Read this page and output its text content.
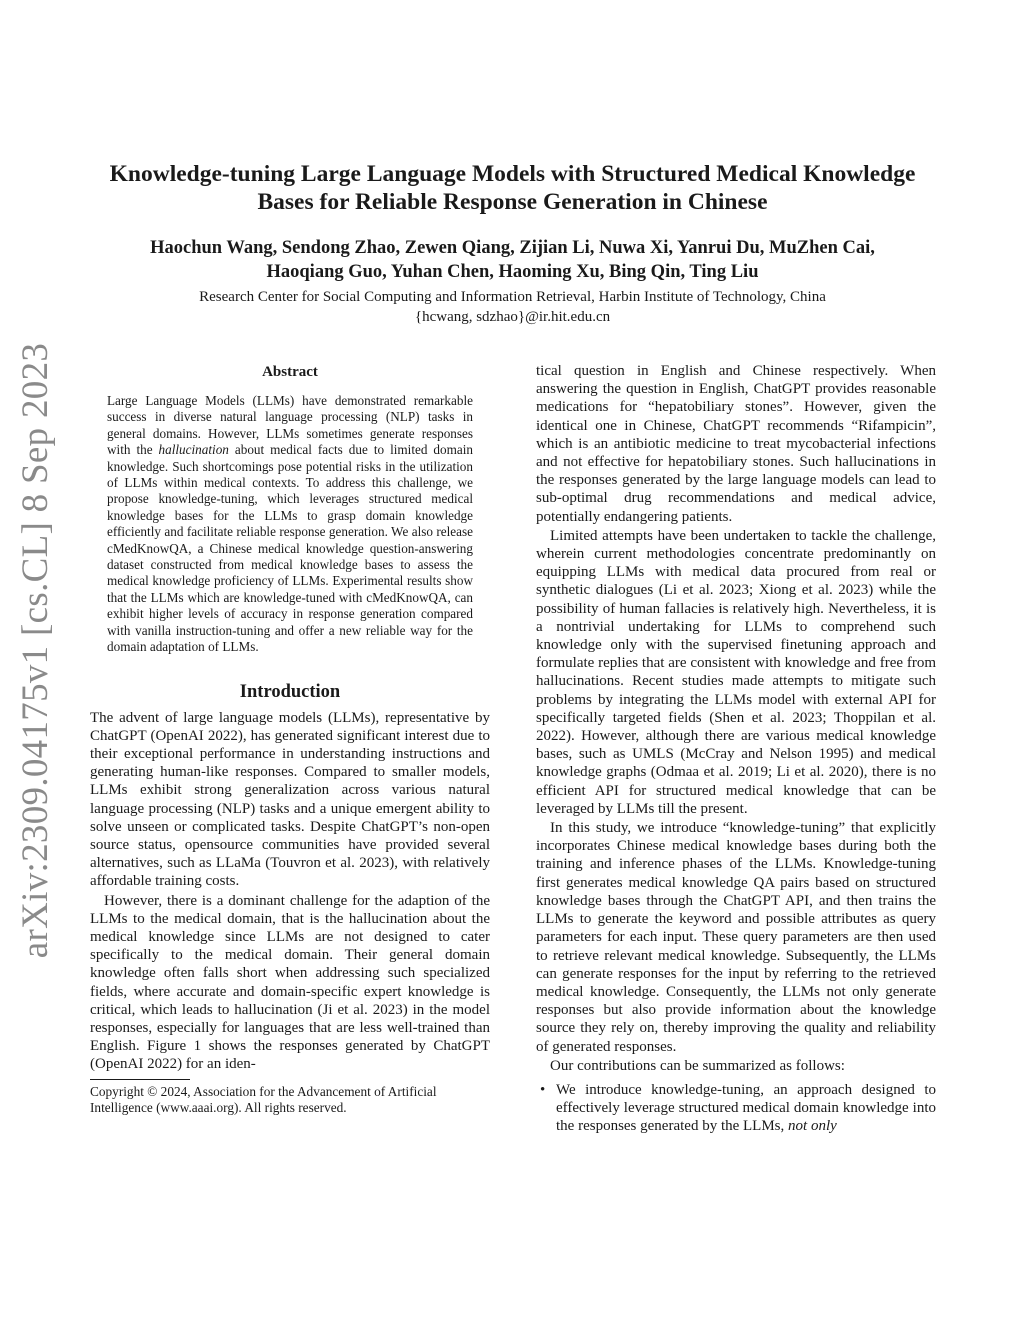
arXiv:2309.04175v1 [cs.CL] 8 Sep 2023
Knowledge-tuning Large Language Models with Structured Medical Knowledge Bases for Reliable Response Generation in Chinese
Haochun Wang, Sendong Zhao, Zewen Qiang, Zijian Li, Nuwa Xi, Yanrui Du, MuZhen Cai,
Haoqiang Guo, Yuhan Chen, Haoming Xu, Bing Qin, Ting Liu
Research Center for Social Computing and Information Retrieval, Harbin Institute of Technology, China
{hcwang, sdzhao}@ir.hit.edu.cn
Abstract

Large Language Models (LLMs) have demonstrated remarkable success in diverse natural language processing (NLP) tasks in general domains. However, LLMs sometimes generate responses with the hallucination about medical facts due to limited domain knowledge. Such shortcomings pose potential risks in the utilization of LLMs within medical contexts. To address this challenge, we propose knowledge-tuning, which leverages structured medical knowledge bases for the LLMs to grasp domain knowledge efficiently and facilitate reliable response generation. We also release cMedKnowQA, a Chinese medical knowledge question-answering dataset constructed from medical knowledge bases to assess the medical knowledge proficiency of LLMs. Experimental results show that the LLMs which are knowledge-tuned with cMedKnowQA, can exhibit higher levels of accuracy in response generation compared with vanilla instruction-tuning and offer a new reliable way for the domain adaptation of LLMs.

Introduction

The advent of large language models (LLMs), representative by ChatGPT (OpenAI 2022), has generated significant interest due to their exceptional performance in understanding instructions and generating human-like responses. Compared to smaller models, LLMs exhibit strong generalization across various natural language processing (NLP) tasks and a unique emergent ability to solve unseen or complicated tasks. Despite ChatGPT’s non-open source status, opensource communities have provided several alternatives, such as LLaMa (Touvron et al. 2023), with relatively affordable training costs.

However, there is a dominant challenge for the adaption of the LLMs to the medical domain, that is the hallucination about the medical knowledge since LLMs are not designed to cater specifically to the medical domain. Their general domain knowledge often falls short when addressing such specialized fields, where accurate and domain-specific expert knowledge is critical, which leads to hallucination (Ji et al. 2023) in the model responses, especially for languages that are less well-trained than English. Figure 1 shows the responses generated by ChatGPT (OpenAI 2022) for an iden-

Copyright © 2024, Association for the Advancement of Artificial
Intelligence (www.aaai.org). All rights reserved.

tical question in English and Chinese respectively. When answering the question in English, ChatGPT provides reasonable medications for “hepatobiliary stones”. However, given the identical one in Chinese, ChatGPT recommends “Rifampicin”, which is an antibiotic medicine to treat mycobacterial infections and not effective for hepatobiliary stones. Such hallucinations in the responses generated by the large language models can lead to sub-optimal drug recommendations and medical advice, potentially endangering patients.

Limited attempts have been undertaken to tackle the challenge, wherein current methodologies concentrate predominantly on equipping LLMs with medical data procured from real or synthetic dialogues (Li et al. 2023; Xiong et al. 2023) while the possibility of human fallacies is relatively high. Nevertheless, it is a nontrivial undertaking for LLMs to comprehend such knowledge only with the supervised finetuning approach and formulate replies that are consistent with knowledge and free from hallucinations. Recent studies made attempts to mitigate such problems by integrating the LLMs model with external API for specifically targeted fields (Shen et al. 2023; Thoppilan et al. 2022). However, although there are various medical knowledge bases, such as UMLS (McCray and Nelson 1995) and medical knowledge graphs (Odmaa et al. 2019; Li et al. 2020), there is no efficient API for structured medical knowledge that can be leveraged by LLMs till the present.

In this study, we introduce “knowledge-tuning” that explicitly incorporates Chinese medical knowledge bases during both the training and inference phases of the LLMs. Knowledge-tuning first generates medical knowledge QA pairs based on structured knowledge bases through the ChatGPT API, and then trains the LLMs to generate the keyword and possible attributes as query parameters for each input. These query parameters are then used to retrieve relevant medical knowledge. Subsequently, the LLMs can generate responses for the input by referring to the retrieved medical knowledge. Consequently, the LLMs not only generate responses but also provide information about the knowledge source they rely on, thereby improving the quality and reliability of generated responses.

Our contributions can be summarized as follows:

• We introduce knowledge-tuning, an approach designed to effectively leverage structured medical domain knowledge into the responses generated by the LLMs, not only
